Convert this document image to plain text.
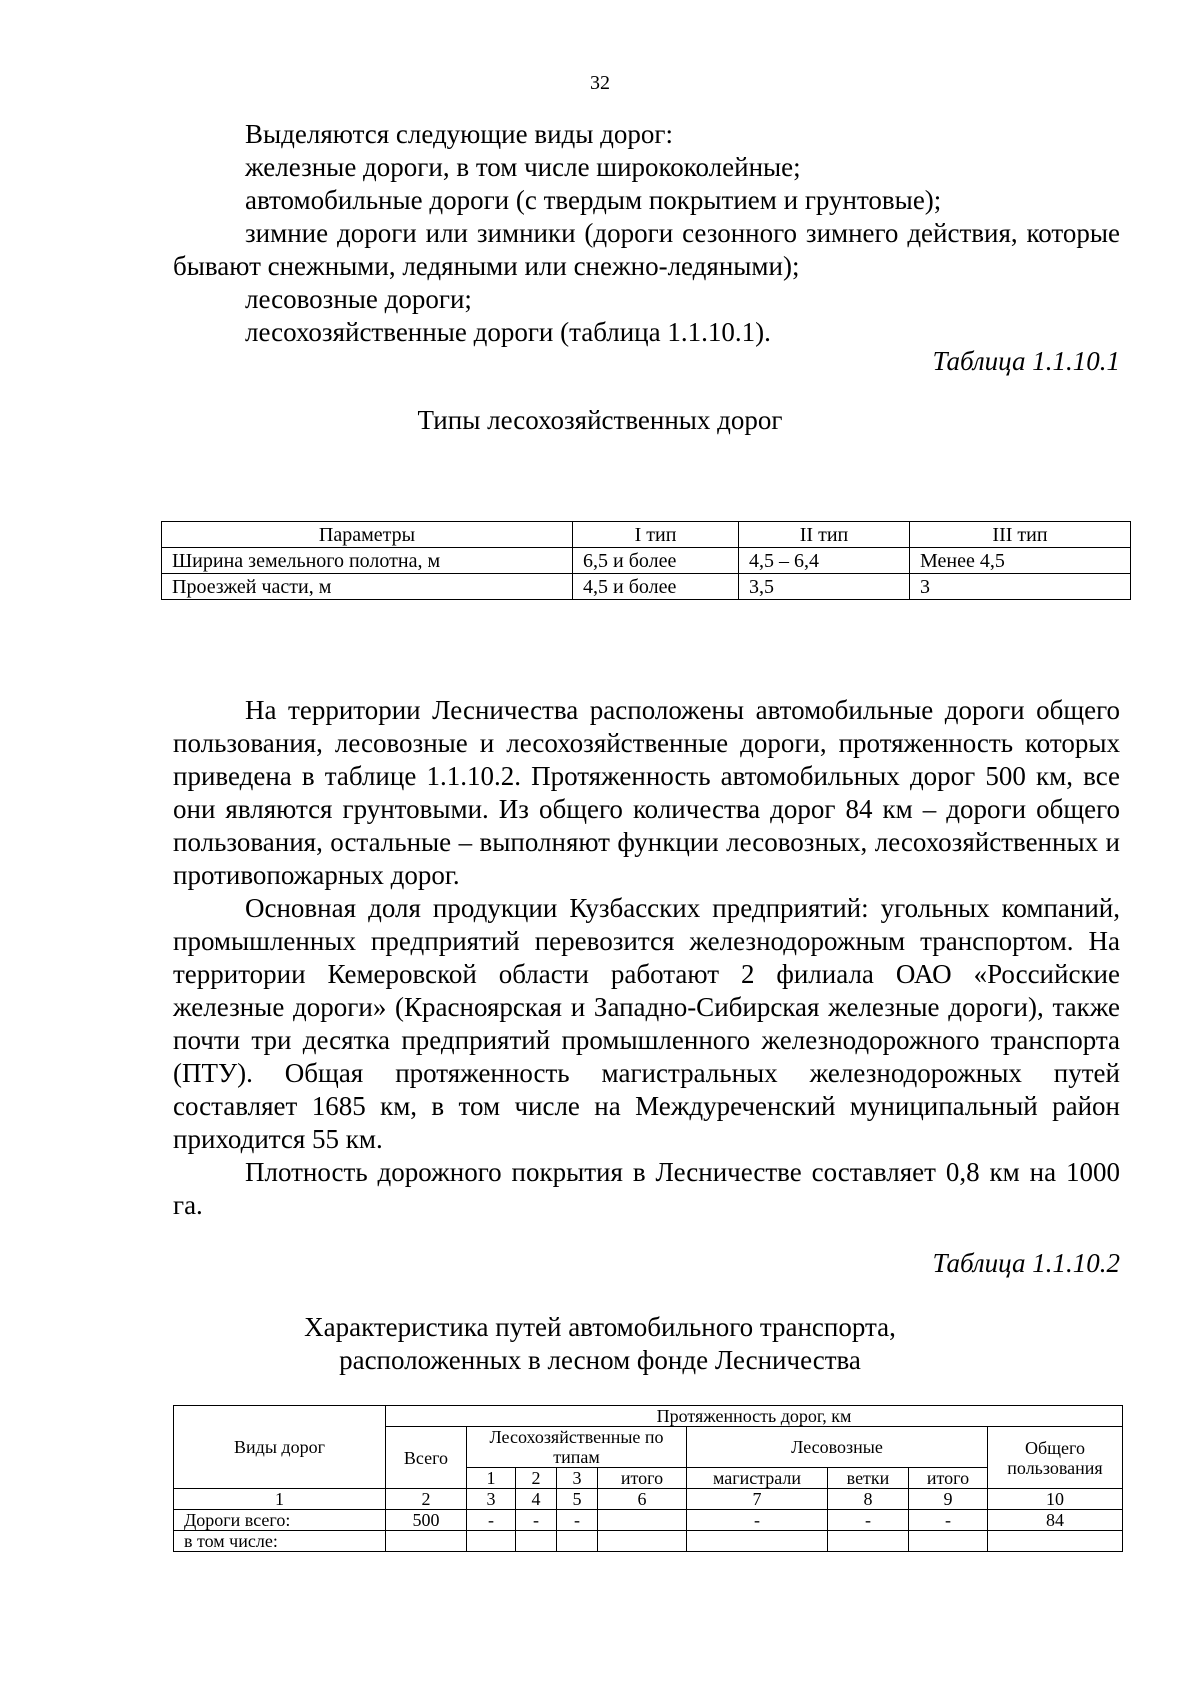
32

Выделяются следующие виды дорог:

железные дороги, в том числе ширококолейные;

автомобильные дороги (с твердым покрытием и грунтовые);

зимние дороги или зимники (дороги сезонного зимнего действия, которые бывают снежными, ледяными или снежно-ледяными);

лесовозные дороги;

лесохозяйственные дороги (таблица 1.1.10.1).

Таблица 1.1.10.1
Типы лесохозяйственных дорог
Параметры	I тип	II тип	III тип
Ширина земельного полотна, м	6,5 и более	4,5 – 6,4	Менее 4,5
Проезжей части, м	4,5 и более	3,5	3

На территории Лесничества расположены автомобильные дороги общего пользования, лесовозные и лесохозяйственные дороги, протяженность которых приведена в таблице 1.1.10.2. Протяженность автомобильных дорог 500 км, все они являются грунтовыми. Из общего количества дорог 84 км – дороги общего пользования, остальные – выполняют функции лесовозных, лесохозяйственных и противопожарных дорог.

Основная доля продукции Кузбасских предприятий: угольных компаний, промышленных предприятий перевозится железнодорожным транспортом. На территории Кемеровской области работают 2 филиала ОАО «Российские железные дороги» (Красноярская и Западно-Сибирская железные дороги), также почти три десятка предприятий промышленного железнодорожного транспорта (ПТУ). Общая протяженность магистральных железнодорожных путей составляет 1685 км, в том числе на Междуреченский муниципальный район приходится 55 км.

Плотность дорожного покрытия в Лесничестве составляет 0,8 км на 1000 га.

Таблица 1.1.10.2
Характеристика путей автомобильного транспорта,
расположенных в лесном фонде Лесничества
Виды дорог	Протяженность дорог, км								
	Всего	Лесохозяйственные по типам				Лесовозные			Общего пользования
		1	2	3	итого	магистрали	ветки	итого	
1	2	3	4	5	6	7	8	9	10
Дороги всего:	500	-	-	-		-	-	-	84
в том числе:									
